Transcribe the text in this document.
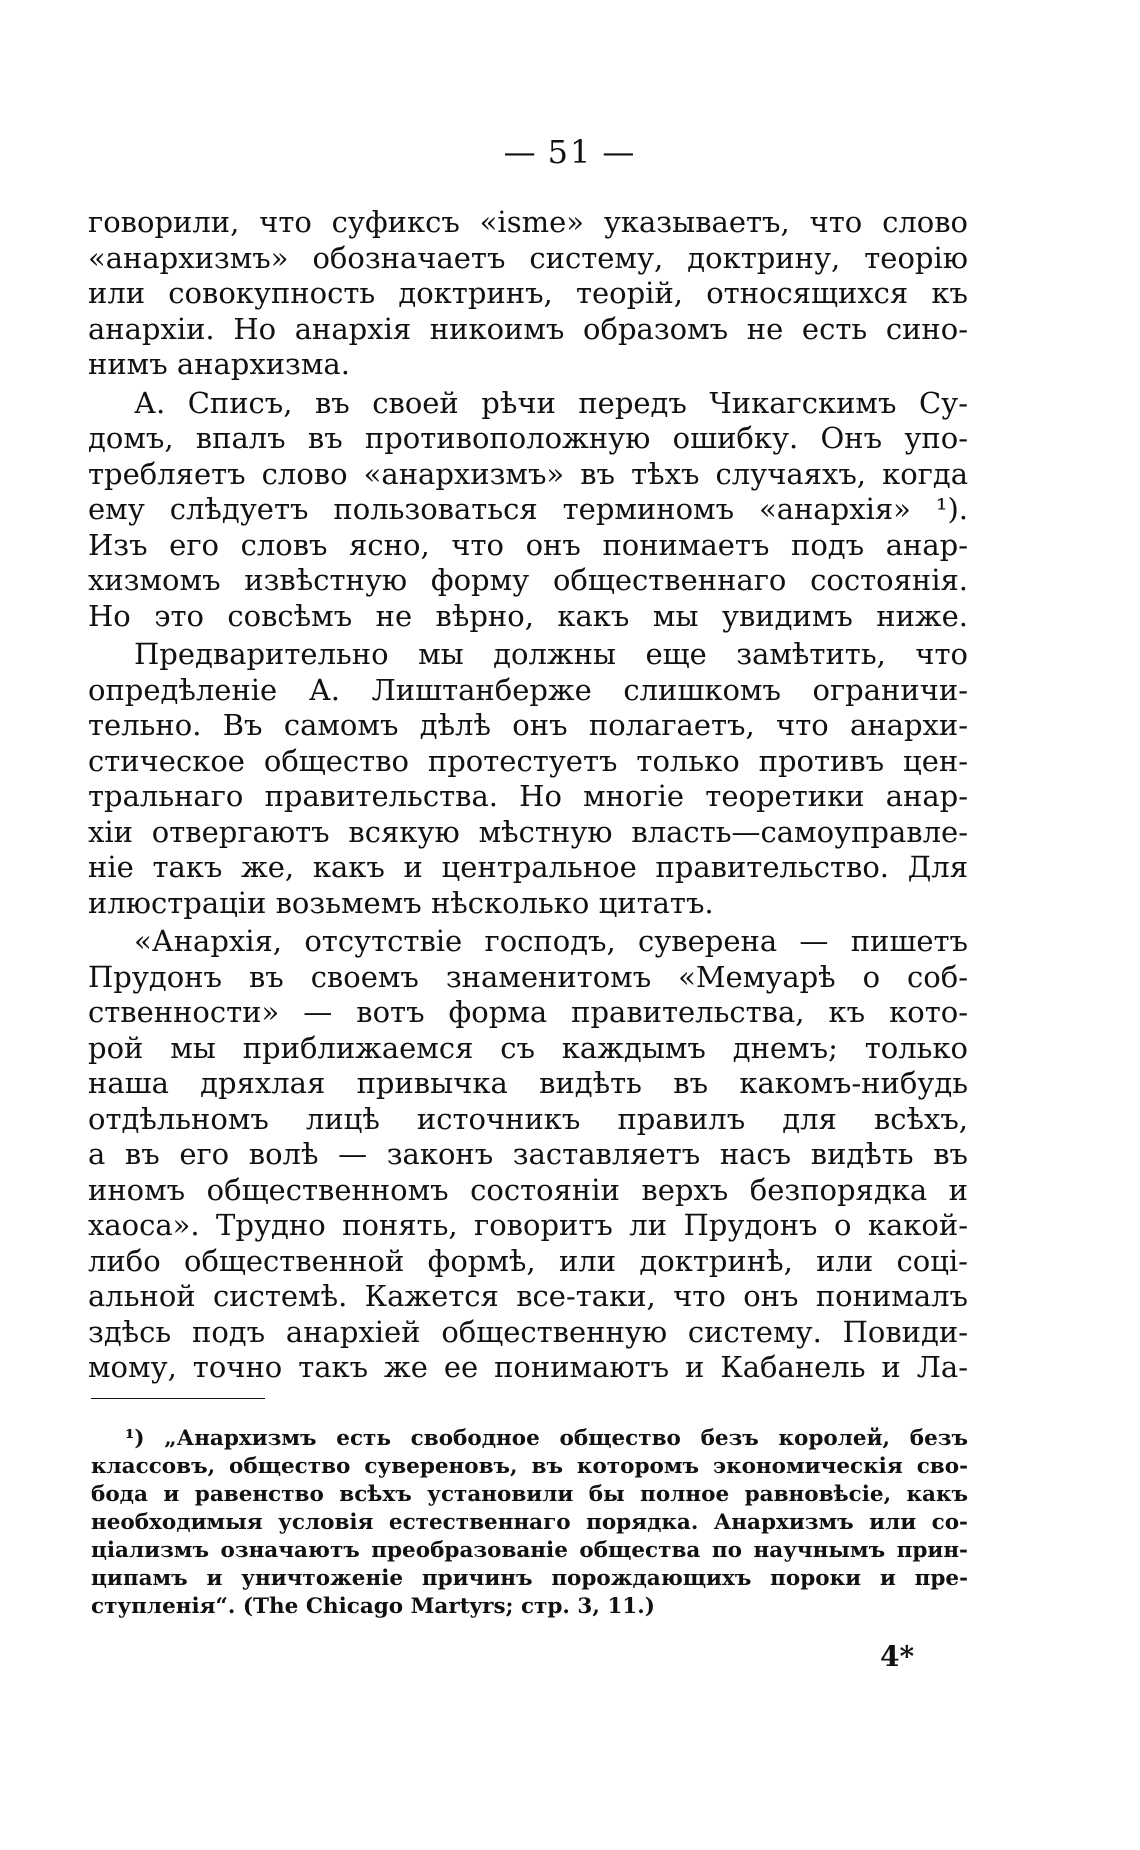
— 51 —
говорили, что суфиксъ «isme» указываетъ, что слово
«анархизмъ» обозначаетъ систему, доктрину, теорію
или совокупность доктринъ, теорій, относящихся къ
анархіи. Но анархія никоимъ образомъ не есть сино-
нимъ анархизма.
А. Списъ, въ своей рѣчи передъ Чикагскимъ Су-
домъ, впалъ въ противоположную ошибку. Онъ упо-
требляетъ слово «анархизмъ» въ тѣхъ случаяхъ, когда
ему слѣдуетъ пользоваться терминомъ «анархія» ¹).
Изъ его словъ ясно, что онъ понимаетъ подъ анар-
хизмомъ извѣстную форму общественнаго состоянія.
Но это совсѣмъ не вѣрно, какъ мы увидимъ ниже.
Предварительно мы должны еще замѣтить, что
опредѣленіе А. Лиштанберже слишкомъ ограничи-
тельно. Въ самомъ дѣлѣ онъ полагаетъ, что анархи-
стическое общество протестуетъ только противъ цен-
тральнаго правительства. Но многіе теоретики анар-
хіи отвергаютъ всякую мѣстную власть—самоуправле-
ніе такъ же, какъ и центральное правительство. Для
илюстраціи возьмемъ нѣсколько цитатъ.
«Анархія, отсутствіе господъ, суверена — пишетъ
Прудонъ въ своемъ знаменитомъ «Мемуарѣ о соб-
ственности» — вотъ форма правительства, къ кото-
рой мы приближаемся съ каждымъ днемъ; только
наша дряхлая привычка видѣть въ какомъ-нибудь
отдѣльномъ лицѣ источникъ правилъ для всѣхъ,
а въ его волѣ — законъ заставляетъ насъ видѣть въ
иномъ общественномъ состояніи верхъ безпорядка и
хаоса». Трудно понять, говоритъ ли Прудонъ о какой-
либо общественной формѣ, или доктринѣ, или соці-
альной системѣ. Кажется все-таки, что онъ понималъ
здѣсь подъ анархіей общественную систему. Повиди-
мому, точно такъ же ее понимаютъ и Кабанель и Ла-
¹) „Анархизмъ есть свободное общество безъ королей, безъ
классовъ, общество сувереновъ, въ которомъ экономическія сво-
бода и равенство всѣхъ установили бы полное равновѣсіе, какъ
необходимыя условія естественнаго порядка. Анархизмъ или со-
ціализмъ означаютъ преобразованіе общества по научнымъ прин-
ципамъ и уничтоженіе причинъ порождающихъ пороки и пре-
ступленія“. (The Chicago Martyrs; стр. 3, 11.)
4*
